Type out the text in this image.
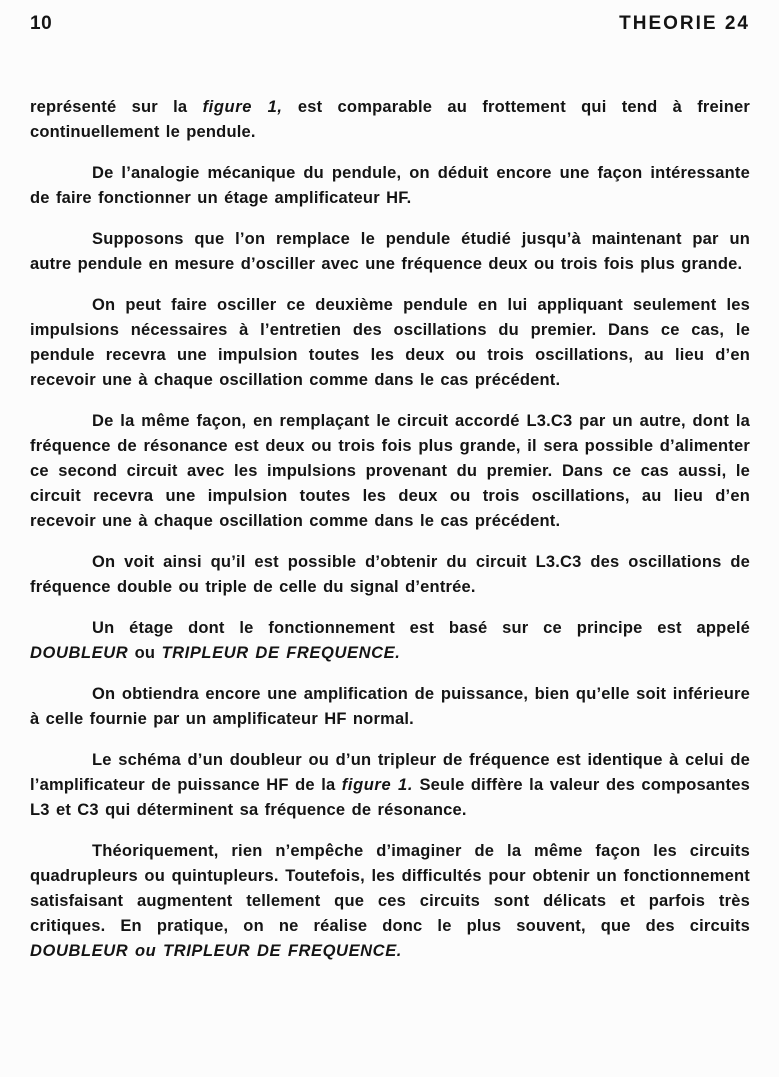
10	THEORIE 24

représenté sur la figure 1, est comparable au frottement qui tend à freiner continuellement le pendule.

De l’analogie mécanique du pendule, on déduit encore une façon intéressante de faire fonctionner un étage amplificateur HF.

Supposons que l’on remplace le pendule étudié jusqu’à maintenant par un autre pendule en mesure d’osciller avec une fréquence deux ou trois fois plus grande.

On peut faire osciller ce deuxième pendule en lui appliquant seulement les impulsions nécessaires à l’entretien des oscillations du premier. Dans ce cas, le pendule recevra une impulsion toutes les deux ou trois oscillations, au lieu d’en recevoir une à chaque oscillation comme dans le cas précédent.

De la même façon, en remplaçant le circuit accordé L3.C3 par un autre, dont la fréquence de résonance est deux ou trois fois plus grande, il sera possible d’alimenter ce second circuit avec les impulsions provenant du premier. Dans ce cas aussi, le circuit recevra une impulsion toutes les deux ou trois oscillations, au lieu d’en recevoir une à chaque oscillation comme dans le cas précédent.

On voit ainsi qu’il est possible d’obtenir du circuit L3.C3 des oscillations de fréquence double ou triple de celle du signal d’entrée.

Un étage dont le fonctionnement est basé sur ce principe est appelé DOUBLEUR ou TRIPLEUR DE FREQUENCE.

On obtiendra encore une amplification de puissance, bien qu’elle soit inférieure à celle fournie par un amplificateur HF normal.

Le schéma d’un doubleur ou d’un tripleur de fréquence est identique à celui de l’amplificateur de puissance HF de la figure 1. Seule diffère la valeur des composantes L3 et C3 qui déterminent sa fréquence de résonance.

Théoriquement, rien n’empêche d’imaginer de la même façon les circuits quadrupleurs ou quintupleurs. Toutefois, les difficultés pour obtenir un fonctionnement satisfaisant augmentent tellement que ces circuits sont délicats et parfois très critiques. En pratique, on ne réalise donc le plus souvent, que des circuits DOUBLEUR ou TRIPLEUR DE FREQUENCE.
